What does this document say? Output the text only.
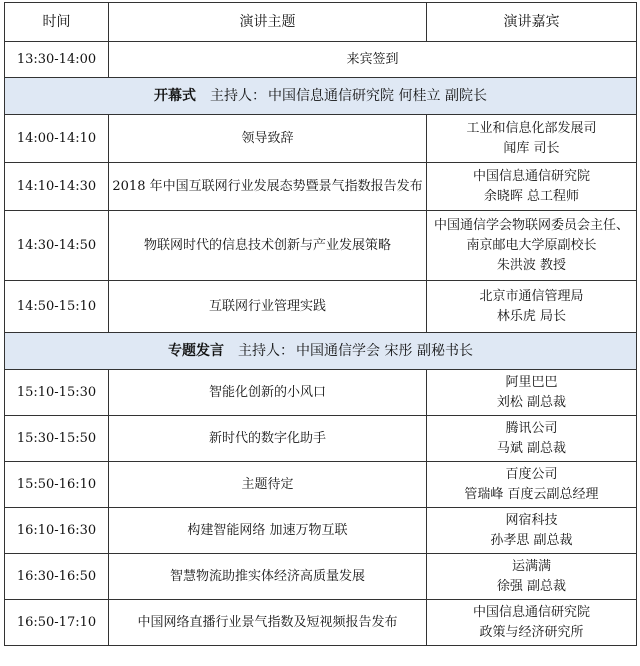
时间	演讲主题	演讲嘉宾
13:30-14:00	来宾签到	
开幕式 主持人： 中国信息通信研究院 何桂立 副院长		
14:00-14:10	领导致辞	工业和信息化部发展司
闻库 司长

14:10-14:30	2018 年中国互联网行业发展态势暨景气指数报告发布	中国信息通信研究院
余晓晖 总工程师

14:30-14:50	物联网时代的信息技术创新与产业发展策略	中国通信学会物联网委员会主任、南京邮电大学原副校长
朱洪波 教授

14:50-15:10	互联网行业管理实践	北京市通信管理局
林乐虎 局长

专题发言 主持人： 中国通信学会 宋彤 副秘书长		
15:10-15:30	智能化创新的小风口	阿里巴巴
刘松 副总裁

15:30-15:50	新时代的数字化助手	腾讯公司
马斌 副总裁

15:50-16:10	主题待定	百度公司
管瑞峰 百度云副总经理

16:10-16:30	构建智能网络 加速万物互联	网宿科技
孙孝思 副总裁

16:30-16:50	智慧物流助推实体经济高质量发展	运满满
徐强 副总裁

16:50-17:10	中国网络直播行业景气指数及短视频报告发布	中国信息通信研究院
政策与经济研究所
